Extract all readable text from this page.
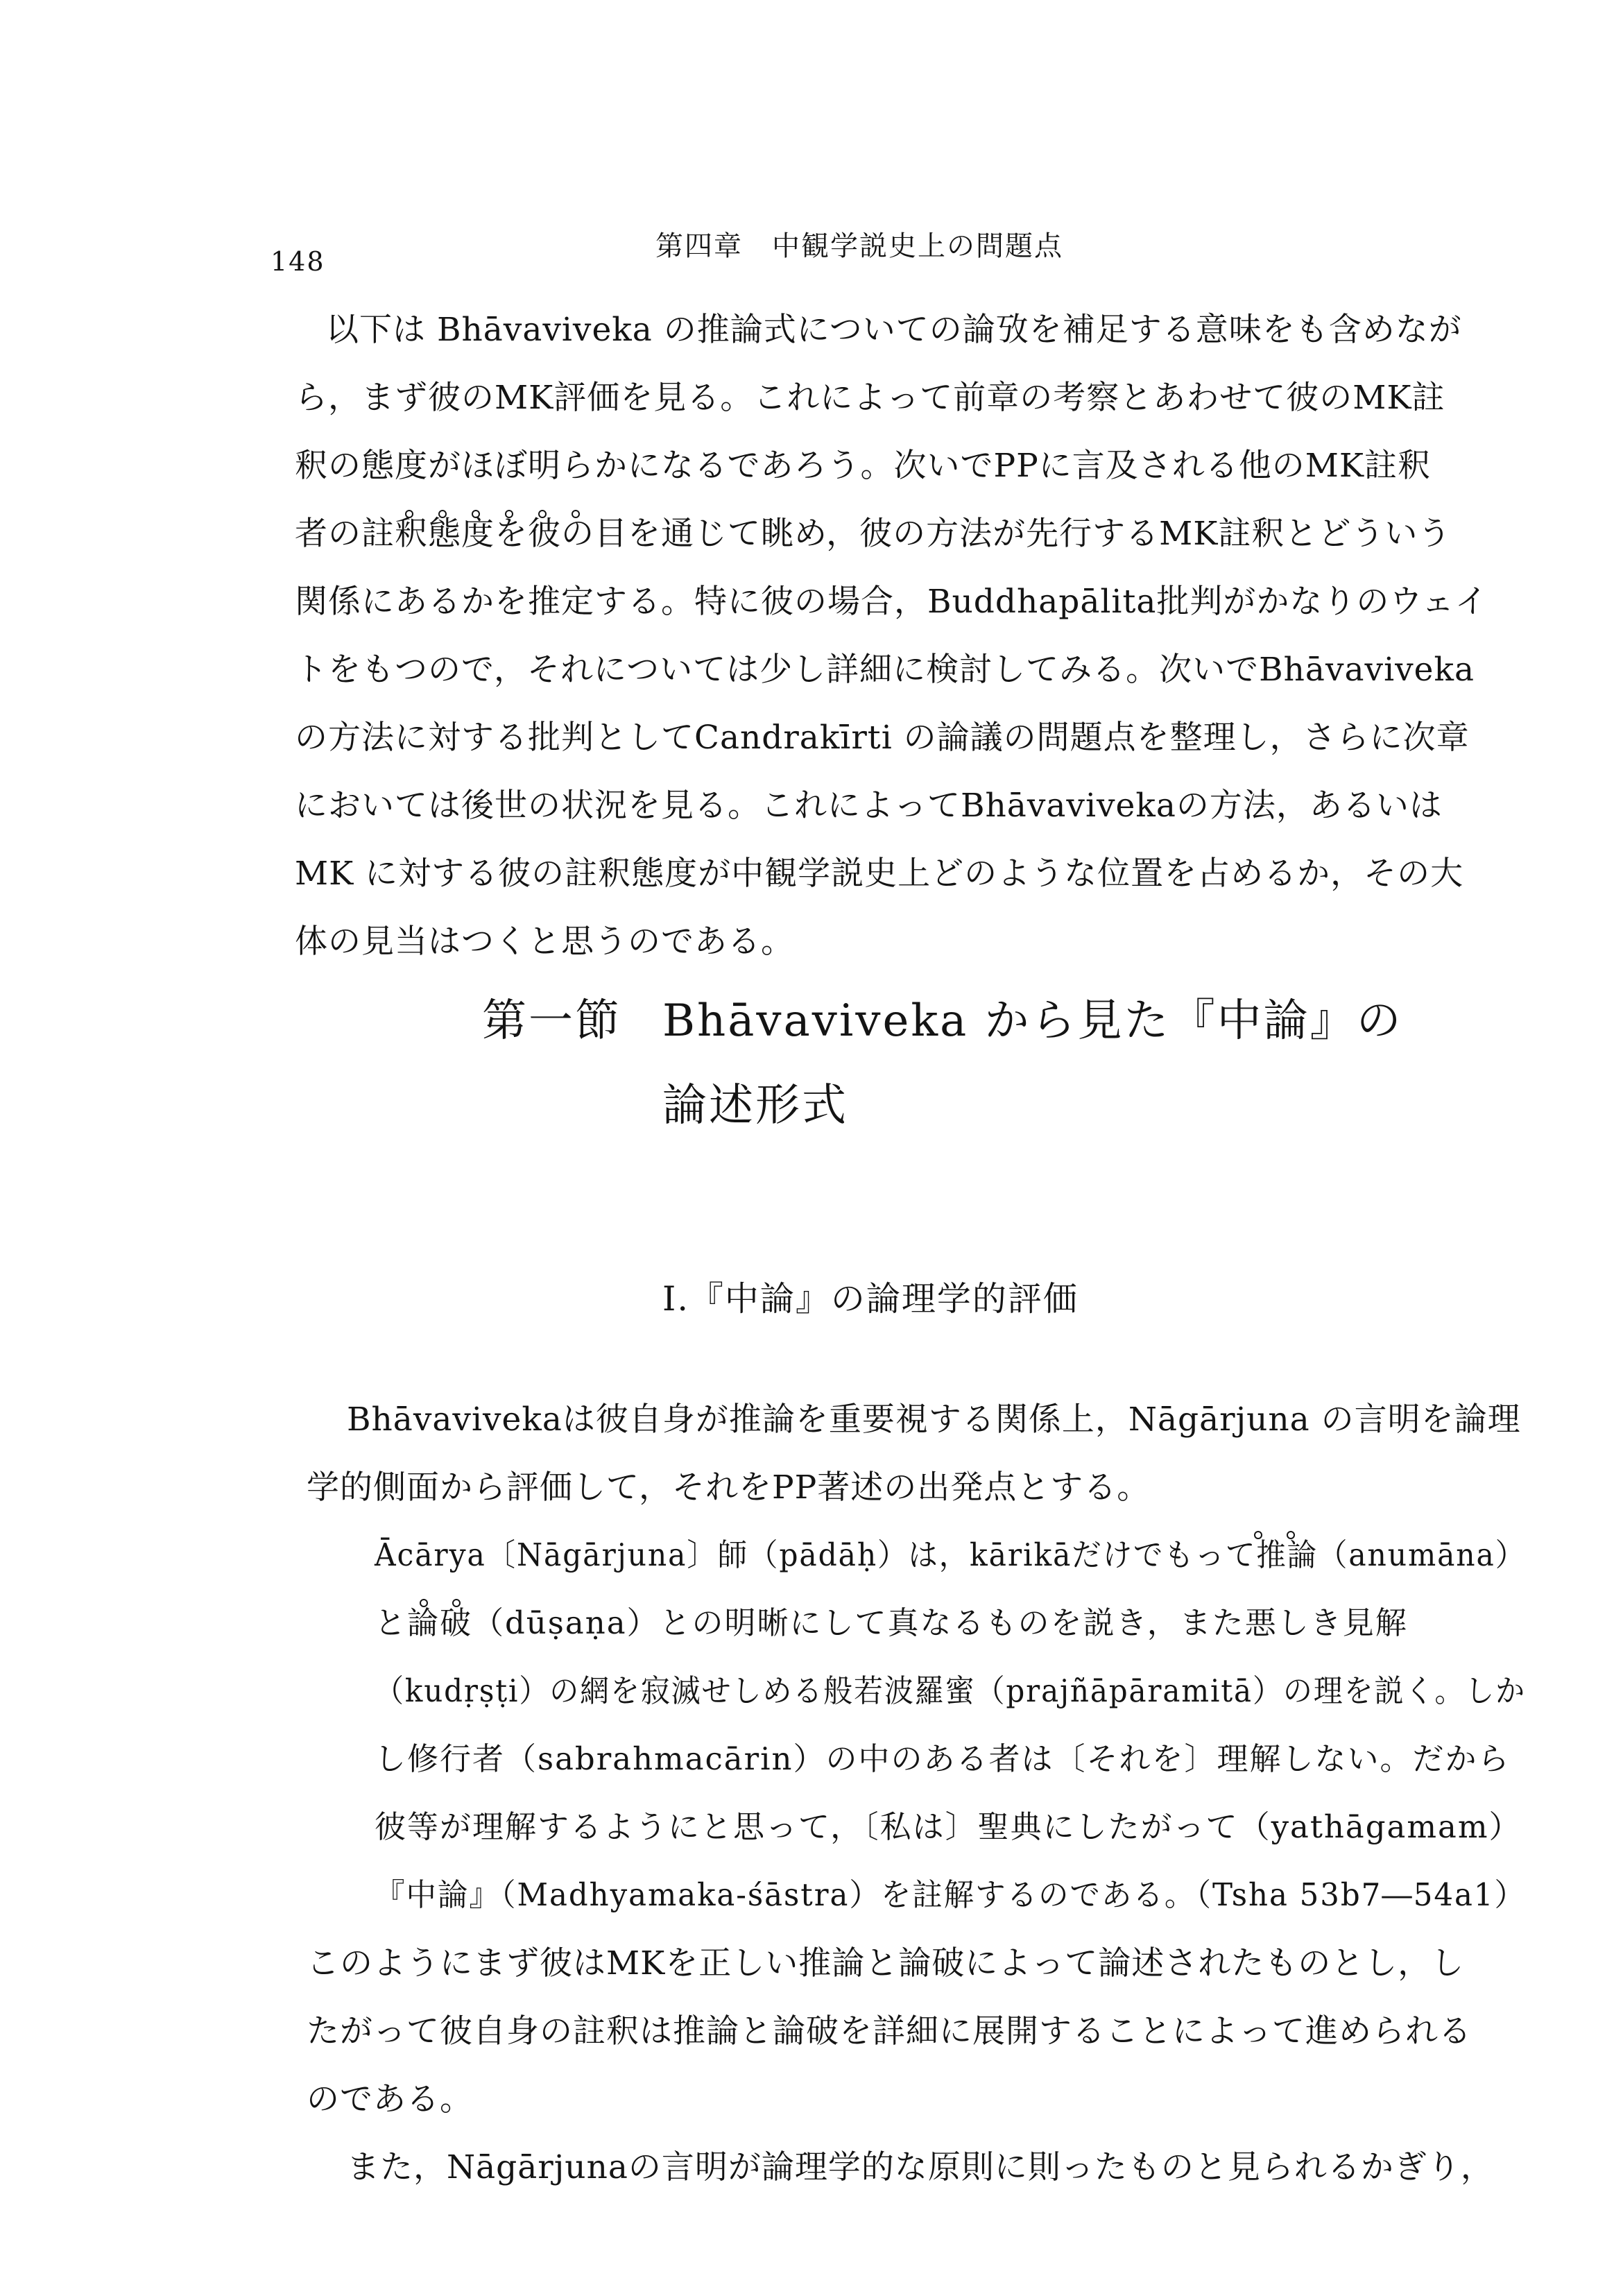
148	第四章　中観学説史上の問題点
以下は Bhāvaviveka の推論式についての論攷を補足する意味をも含めなが
ら，まず彼のMK評価を見る。これによって前章の考察とあわせて彼のMK註
釈の態度がほぼ明らかになるであろう。次いでPPに言及される他のMK註釈
者の註釈態度を彼の目を通じて眺め，彼の方法が先行するMK註釈とどういう
関係にあるかを推定する。特に彼の場合，Buddhapālita批判がかなりのウェイ
トをもつので，それについては少し詳細に検討してみる。次いでBhāvaviveka
の方法に対する批判としてCandrakīrti の論議の問題点を整理し，さらに次章
においては後世の状況を見る。これによってBhāvavivekaの方法，あるいは
MK に対する彼の註釈態度が中観学説史上どのような位置を占めるか，その大
体の見当はつくと思うのである。
第一節 Bhāvaviveka から見た『中論』の
論述形式
I.『中論』の論理学的評価
Bhāvavivekaは彼自身が推論を重要視する関係上，Nāgārjuna の言明を論理
学的側面から評価して，それをPP著述の出発点とする。
Ācārya〔Nāgārjuna〕師（pādāḥ）は，kārikāだけでもって推論（anumāna）
と論破（dūṣaṇa）との明晰にして真なるものを説き，また悪しき見解
（kudṛṣṭi）の網を寂滅せしめる般若波羅蜜（prajñāpāramitā）の理を説く。しか
し修行者（sabrahmacārin）の中のある者は〔それを〕理解しない。だから
彼等が理解するようにと思って，〔私は〕聖典にしたがって（yathāgamam）
『中論』（Madhyamaka-śāstra）を註解するのである。（Tsha 53b7―54a1）
このようにまず彼はMKを正しい推論と論破によって論述されたものとし，し
たがって彼自身の註釈は推論と論破を詳細に展開することによって進められる
のである。
また，Nāgārjunaの言明が論理学的な原則に則ったものと見られるかぎり，
